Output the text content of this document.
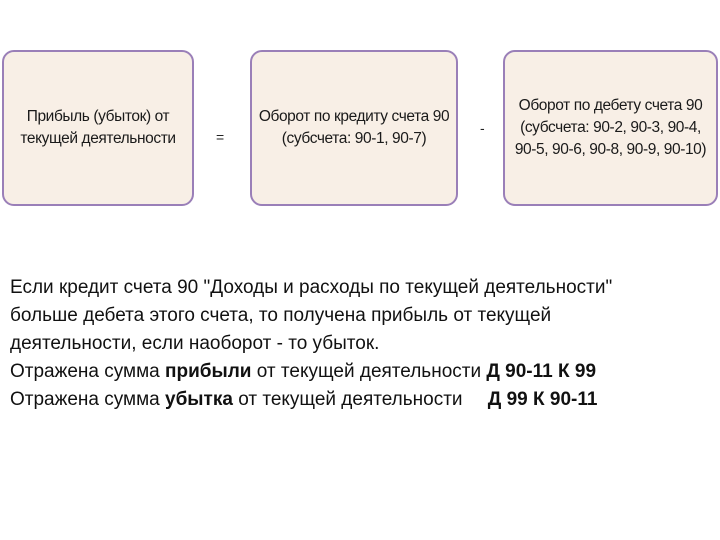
Прибыль (убыток) от
текущей деятельности	=
Оборот по кредиту счета 90
(субсчета: 90-1, 90-7)
-
Оборот по дебету счета 90
(субсчета: 90-2, 90-3, 90-4,
90-5, 90-6, 90-8, 90-9, 90-10)
Если кредит счета 90 "Доходы и расходы по текущей деятельности"
больше дебета этого счета, то получена прибыль от текущей
деятельности, если наоборот - то убыток.
Отражена сумма прибыли от текущей деятельности Д 90-11 К 99
Отражена сумма убытка от текущей деятельности Д 99 К 90-11
